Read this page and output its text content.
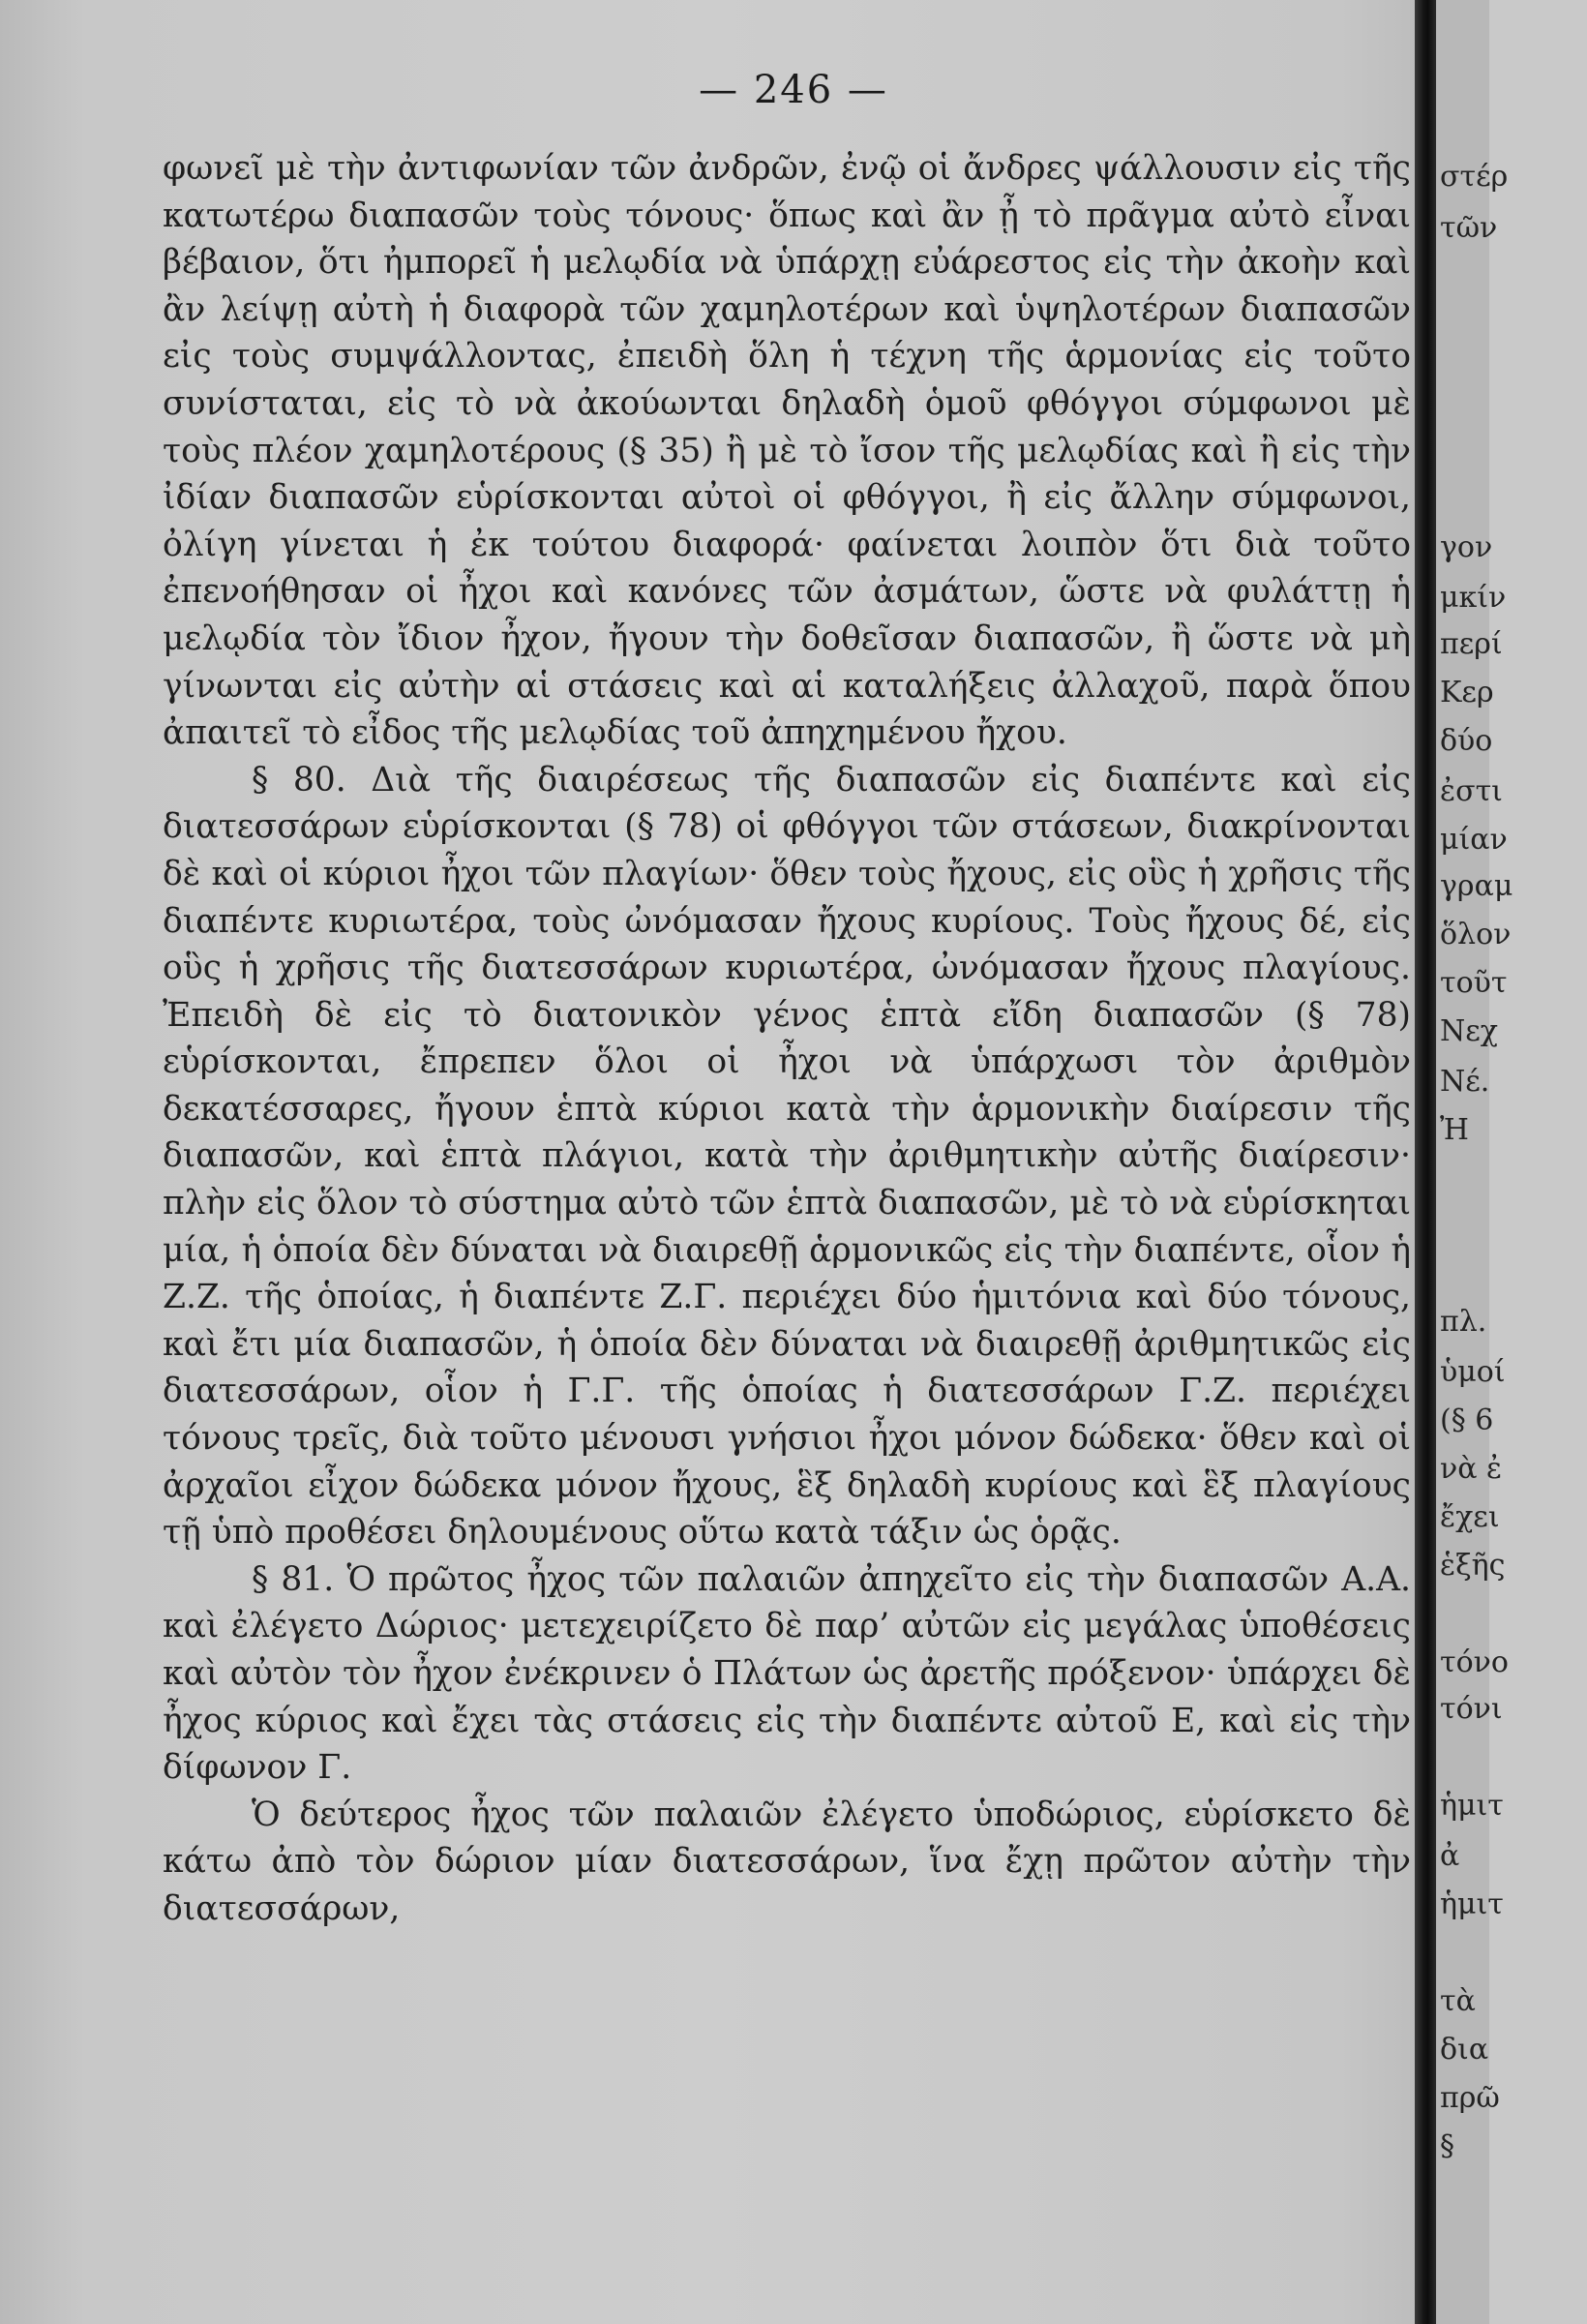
— 246 —

φωνεῖ μὲ τὴν ἀντιφωνίαν τῶν ἀνδρῶν, ἐνῷ οἱ ἄνδρες ψάλλουσιν εἰς τῆς κατωτέρω διαπασῶν τοὺς τόνους· ὅπως καὶ ἂν ᾖ τὸ πρᾶγμα αὐτὸ εἶναι βέβαιον, ὅτι ἠμπορεῖ ἡ μελῳδία νὰ ὑπάρχῃ εὐάρεστος εἰς τὴν ἀκοὴν καὶ ἂν λείψῃ αὐτὴ ἡ διαφορὰ τῶν χαμηλοτέρων καὶ ὑψηλοτέρων διαπασῶν εἰς τοὺς συμψάλλοντας, ἐπειδὴ ὅλη ἡ τέχνη τῆς ἁρμονίας εἰς τοῦτο συνίσταται, εἰς τὸ νὰ ἀκούωνται δηλαδὴ ὁμοῦ φθόγγοι σύμφωνοι μὲ τοὺς πλέον χαμηλοτέρους (§ 35) ἢ μὲ τὸ ἴσον τῆς μελῳδίας καὶ ἢ εἰς τὴν ἰδίαν διαπασῶν εὑρίσκονται αὐτοὶ οἱ φθόγγοι, ἢ εἰς ἄλλην σύμφωνοι, ὀλίγη γίνεται ἡ ἐκ τούτου διαφορά· φαίνεται λοιπὸν ὅτι διὰ τοῦτο ἐπενοήθησαν οἱ ἦχοι καὶ κανόνες τῶν ἀσμάτων, ὥστε νὰ φυλάττῃ ἡ μελῳδία τὸν ἴδιον ἦχον, ἤγουν τὴν δοθεῖσαν διαπασῶν, ἢ ὥστε νὰ μὴ γίνωνται εἰς αὐτὴν αἱ στάσεις καὶ αἱ καταλήξεις ἀλλαχοῦ, παρὰ ὅπου ἀπαιτεῖ τὸ εἶδος τῆς μελῳδίας τοῦ ἀπηχημένου ἤχου.

§ 80. Διὰ τῆς διαιρέσεως τῆς διαπασῶν εἰς διαπέντε καὶ εἰς διατεσσάρων εὑρίσκονται (§ 78) οἱ φθόγγοι τῶν στάσεων, διακρίνονται δὲ καὶ οἱ κύριοι ἦχοι τῶν πλαγίων· ὅθεν τοὺς ἤχους, εἰς οὓς ἡ χρῆσις τῆς διαπέντε κυριωτέρα, τοὺς ὠνόμασαν ἤχους κυρίους. Τοὺς ἤχους δέ, εἰς οὓς ἡ χρῆσις τῆς διατεσσάρων κυριωτέρα, ὠνόμασαν ἤχους πλαγίους. Ἐπειδὴ δὲ εἰς τὸ διατονικὸν γένος ἑπτὰ εἴδη διαπασῶν (§ 78) εὑρίσκονται, ἔπρεπεν ὅλοι οἱ ἦχοι νὰ ὑπάρχωσι τὸν ἀριθμὸν δεκατέσσαρες, ἤγουν ἑπτὰ κύριοι κατὰ τὴν ἁρμονικὴν διαίρεσιν τῆς διαπασῶν, καὶ ἑπτὰ πλάγιοι, κατὰ τὴν ἀριθμητικὴν αὐτῆς διαίρεσιν· πλὴν εἰς ὅλον τὸ σύστημα αὐτὸ τῶν ἑπτὰ διαπασῶν, μὲ τὸ νὰ εὑρίσκηται μία, ἡ ὁποία δὲν δύναται νὰ διαιρεθῇ ἁρμονικῶς εἰς τὴν διαπέντε, οἷον ἡ Ζ.Ζ. τῆς ὁποίας, ἡ διαπέντε Ζ.Γ. περιέχει δύο ἡμιτόνια καὶ δύο τόνους, καὶ ἔτι μία διαπασῶν, ἡ ὁποία δὲν δύναται νὰ διαιρεθῇ ἀριθμητικῶς εἰς διατεσσάρων, οἷον ἡ Γ.Γ. τῆς ὁποίας ἡ διατεσσάρων Γ.Ζ. περιέχει τόνους τρεῖς, διὰ τοῦτο μένουσι γνήσιοι ἦχοι μόνον δώδεκα· ὅθεν καὶ οἱ ἀρχαῖοι εἶχον δώδεκα μόνον ἤχους, ἓξ δηλαδὴ κυρίους καὶ ἓξ πλαγίους τῇ ὑπὸ προθέσει δηλουμένους οὕτω κατὰ τάξιν ὡς ὁρᾷς.

§ 81. Ὁ πρῶτος ἦχος τῶν παλαιῶν ἀπηχεῖτο εἰς τὴν διαπασῶν Α.Α. καὶ ἐλέγετο Δώριος· μετεχειρίζετο δὲ παρ’ αὐτῶν εἰς μεγάλας ὑποθέσεις καὶ αὐτὸν τὸν ἦχον ἐνέκρινεν ὁ Πλάτων ὡς ἀρετῆς πρόξενον· ὑπάρχει δὲ ἦχος κύριος καὶ ἔχει τὰς στάσεις εἰς τὴν διαπέντε αὐτοῦ Ε, καὶ εἰς τὴν δίφωνον Γ.

Ὁ δεύτερος ἦχος τῶν παλαιῶν ἐλέγετο ὑποδώριος, εὑρίσκετο δὲ κάτω ἀπὸ τὸν δώριον μίαν διατεσσάρων, ἵνα ἔχῃ πρῶτον αὐτὴν τὴν διατεσσάρων,

στέρ
τῶν
γον
μκίν
περί
Κερ
δύο
ἐστι
μίαν
γραμ
ὅλον
τοῦτ
Νεχ
Νέ.
Ἠ
πλ.
ὑμοί
(§ 6
νὰ ἐ
ἔχει
ἑξῆς
τόνο
τόνι
ἡμιτ
ἀ
ἡμιτ
τὰ
δια
πρῶ
§
